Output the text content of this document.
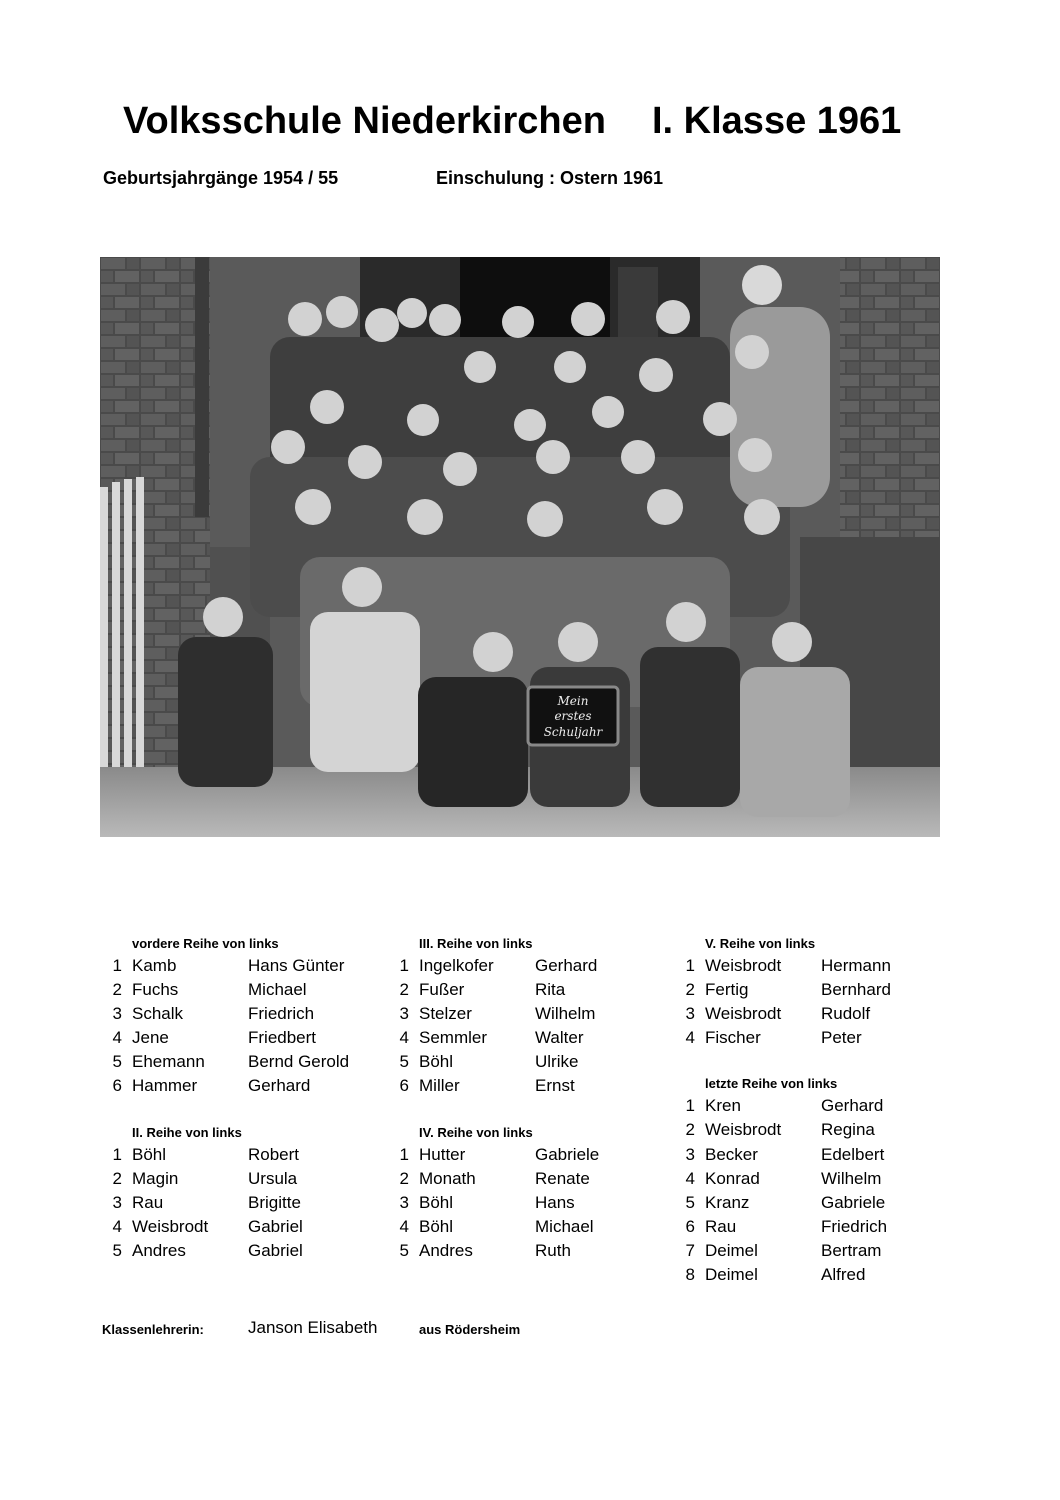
Volksschule Niederkirchen I. Klasse 1961
Geburtsjahrgänge 1954 / 55	Einschulung : Ostern 1961
Mein
erstes
Schuljahr
vordere Reihe von links
1 Kamb	Hans Günter
2 Fuchs	Michael
3 Schalk	Friedrich
4 Jene	Friedbert
5 Ehemann	Bernd Gerold
6 Hammer	Gerhard
II. Reihe von links
1 Böhl	Robert
2 Magin	Ursula
3 Rau	Brigitte
4 Weisbrodt	Gabriel
5 Andres	Gabriel
III. Reihe von links
1 Ingelkofer	Gerhard
2 Fußer	Rita
3 Stelzer	Wilhelm
4 Semmler	Walter
5 Böhl	Ulrike
6 Miller	Ernst
IV. Reihe von links
1 Hutter	Gabriele
2 Monath	Renate
3 Böhl	Hans
4 Böhl	Michael
5 Andres	Ruth
V. Reihe von links
1 Weisbrodt	Hermann
2 Fertig	Bernhard
3 Weisbrodt	Rudolf
4 Fischer	Peter
letzte Reihe von links
1 Kren	Gerhard
2 Weisbrodt	Regina
3 Becker	Edelbert
4 Konrad	Wilhelm
5 Kranz	Gabriele
6 Rau	Friedrich
7 Deimel	Bertram
8 Deimel	Alfred
Klassenlehrerin:	Janson Elisabeth	aus Rödersheim
